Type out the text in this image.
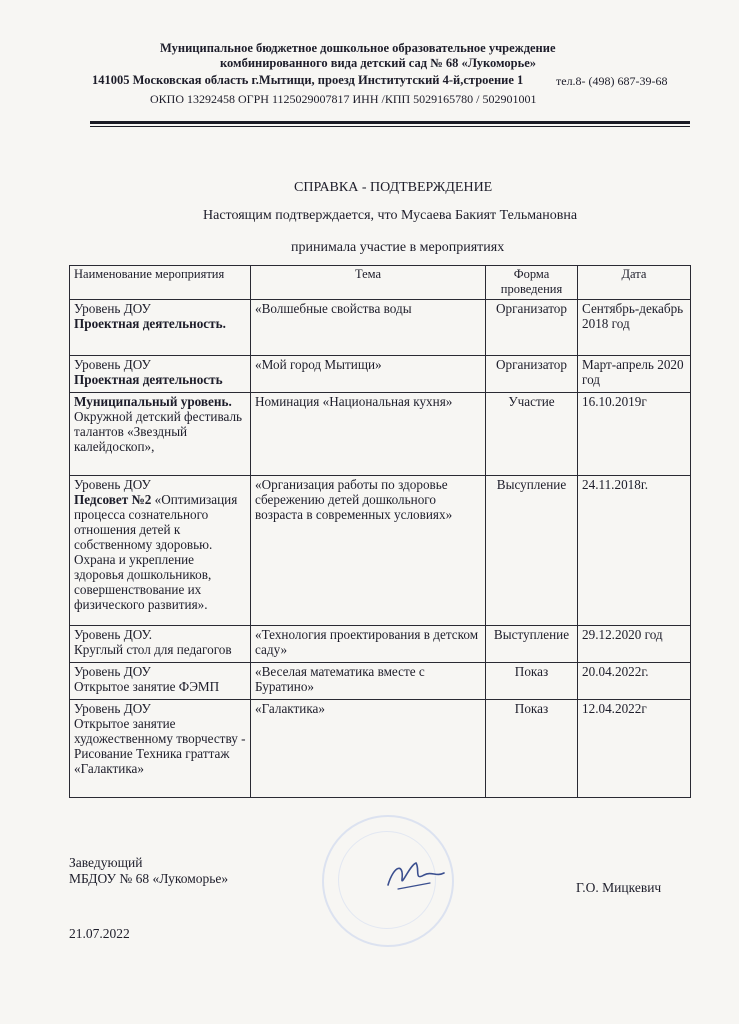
Муниципальное бюджетное дошкольное образовательное учреждение
комбинированного вида детский сад № 68 «Лукоморье»
141005 Московская область г.Мытищи, проезд Институтский 4-й,строение 1	тел.8- (498) 687-39-68
ОКПО 13292458 ОГРН 1125029007817 ИНН /КПП 5029165780 / 502901001
СПРАВКА - ПОДТВЕРЖДЕНИЕ
Настоящим подтверждается, что Мусаева Бакият Тельмановна
принимала участие в мероприятиях
Наименование мероприятия	Тема	Форма проведения	Дата

Уровень ДОУ
Проектная деятельность.	«Волшебные свойства воды	Организатор	Сентябрь-декабрь 2018 год

Уровень ДОУ
Проектная деятельность	«Мой город Мытищи»	Организатор	Март-апрель 2020 год

Муниципальный уровень.
Окружной детский фестиваль талантов «Звездный калейдоскоп»,	Номинация «Национальная кухня»	Участие	16.10.2019г

Уровень ДОУ
Педсовет №2 «Оптимизация процесса сознательного отношения детей к собственному здоровью. Охрана и укрепление здоровья дошкольников, совершенствование их физического развития».	«Организация работы по здоровье сбережению детей дошкольного возраста в современных условиях»	Высупление	24.11.2018г.

Уровень ДОУ.
Круглый стол для педагогов	«Технология проектирования в детском саду»	Выступление	29.12.2020 год

Уровень ДОУ
Открытое занятие ФЭМП	«Веселая математика вместе с Буратино»	Показ	20.04.2022г.

Уровень ДОУ
Открытое занятие художественному творчеству - Рисование Техника граттаж «Галактика»	«Галактика»	Показ	12.04.2022г
Заведующий
МБДОУ № 68 «Лукоморье»
Г.О. Мицкевич
21.07.2022
